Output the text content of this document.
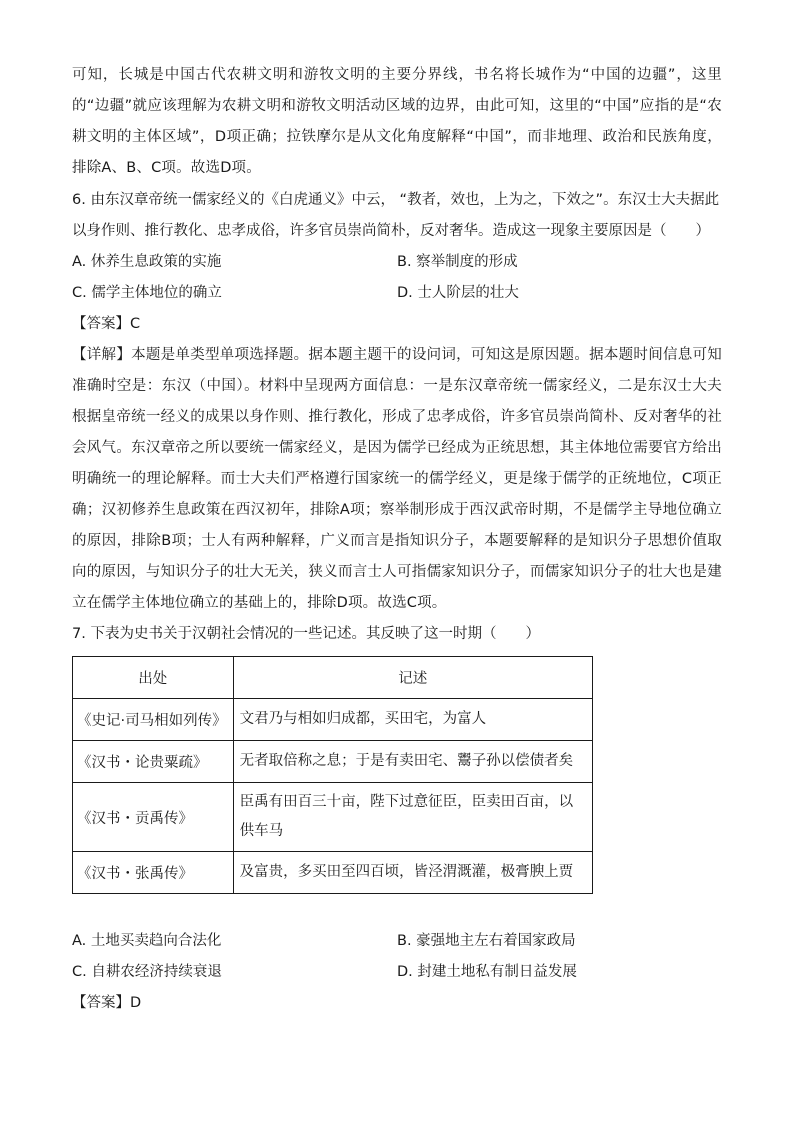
可知，长城是中国古代农耕文明和游牧文明的主要分界线，书名将长城作为“中国的边疆”，这里的“边疆”就应该理解为农耕文明和游牧文明活动区域的边界，由此可知，这里的“中国”应指的是“农耕文明的主体区域”，D项正确；拉铁摩尔是从文化角度解释“中国”，而非地理、政治和民族角度，排除A、B、C项。故选D项。

6. 由东汉章帝统一儒家经义的《白虎通义》中云， “教者，效也，上为之，下效之”。东汉士大夫据此以身作则、推行教化、忠孝成俗，许多官员崇尚简朴，反对奢华。造成这一现象主要原因是（　　）

A. 休养生息政策的实施	B. 察举制度的形成
C. 儒学主体地位的确立	D. 士人阶层的壮大

【答案】C

【详解】本题是单类型单项选择题。据本题主题干的设问词，可知这是原因题。据本题时间信息可知准确时空是：东汉（中国）。材料中呈现两方面信息：一是东汉章帝统一儒家经义，二是东汉士大夫根据皇帝统一经义的成果以身作则、推行教化，形成了忠孝成俗，许多官员崇尚简朴、反对奢华的社会风气。东汉章帝之所以要统一儒家经义，是因为儒学已经成为正统思想，其主体地位需要官方给出明确统一的理论解释。而士大夫们严格遵行国家统一的儒学经义，更是缘于儒学的正统地位，C项正确；汉初修养生息政策在西汉初年，排除A项；察举制形成于西汉武帝时期，不是儒学主导地位确立的原因，排除B项；士人有两种解释，广义而言是指知识分子，本题要解释的是知识分子思想价值取向的原因，与知识分子的壮大无关，狭义而言士人可指儒家知识分子，而儒家知识分子的壮大也是建立在儒学主体地位确立的基础上的，排除D项。故选C项。

7. 下表为史书关于汉朝社会情况的一些记述。其反映了这一时期（　　）

出处	记述
《史记·司马相如列传》	文君乃与相如归成都，买田宅，为富人
《汉书・论贵粟疏》	无者取倍称之息；于是有卖田宅、鬻子孙以偿债者矣
《汉书・贡禹传》	臣禹有田百三十亩，陛下过意征臣，臣卖田百亩，以供车马
《汉书・张禹传》	及富贵，多买田至四百顷，皆泾渭溉灌，极膏腴上贾
A. 土地买卖趋向合法化	B. 豪强地主左右着国家政局
C. 自耕农经济持续衰退	D. 封建土地私有制日益发展

【答案】D
